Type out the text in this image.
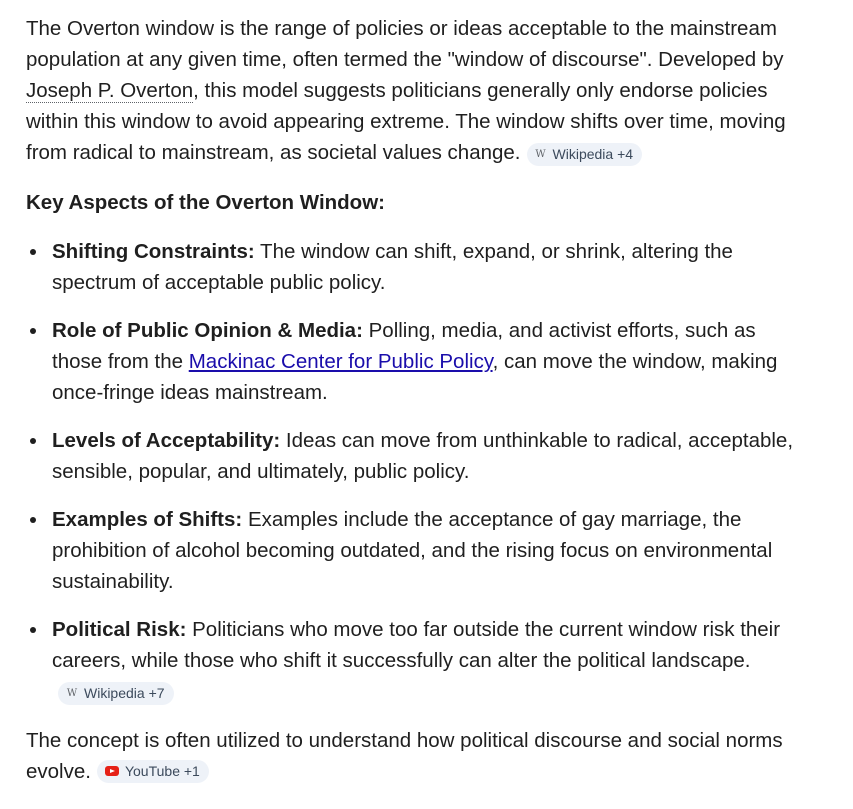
The Overton window is the range of policies or ideas acceptable to the mainstream population at any given time, often termed the "window of discourse". Developed by Joseph P. Overton, this model suggests politicians generally only endorse policies within this window to avoid appearing extreme. The window shifts over time, moving from radical to mainstream, as societal values change. W Wikipedia +4

Key Aspects of the Overton Window:

Shifting Constraints: The window can shift, expand, or shrink, altering the spectrum of acceptable public policy.
Role of Public Opinion & Media: Polling, media, and activist efforts, such as those from the Mackinac Center for Public Policy, can move the window, making once-fringe ideas mainstream.
Levels of Acceptability: Ideas can move from unthinkable to radical, acceptable, sensible, popular, and ultimately, public policy.
Examples of Shifts: Examples include the acceptance of gay marriage, the prohibition of alcohol becoming outdated, and the rising focus on environmental sustainability.
Political Risk: Politicians who move too far outside the current window risk their careers, while those who shift it successfully can alter the political landscape.
W Wikipedia +7

The concept is often utilized to understand how political discourse and social norms evolve. YouTube +1
